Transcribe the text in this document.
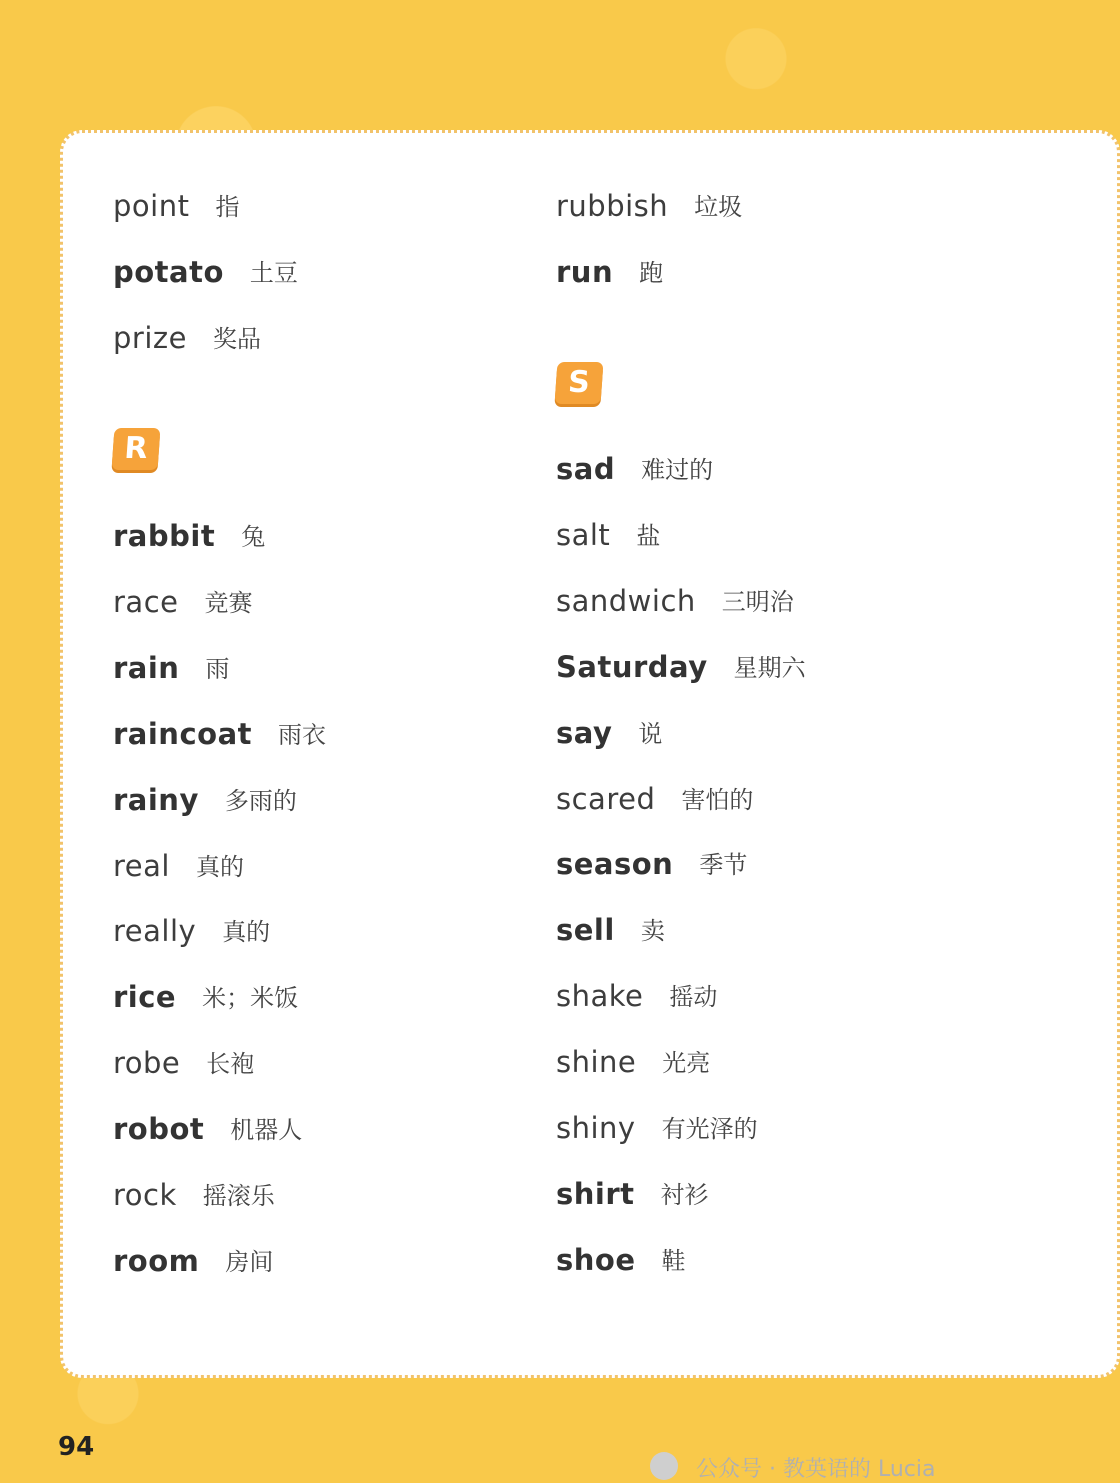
point 指
potato 土豆
prize 奖品
R
rabbit 兔
race 竞赛
rain 雨
raincoat 雨衣
rainy 多雨的
real 真的
really 真的
rice 米；米饭
robe 长袍
robot 机器人
rock 摇滚乐
room 房间
rubbish 垃圾
run 跑
S
sad 难过的
salt 盐
sandwich 三明治
Saturday 星期六
say 说
scared 害怕的
season 季节
sell 卖
shake 摇动
shine 光亮
shiny 有光泽的
shirt 衬衫
shoe 鞋
94
公众号 · 教英语的 Lucia
